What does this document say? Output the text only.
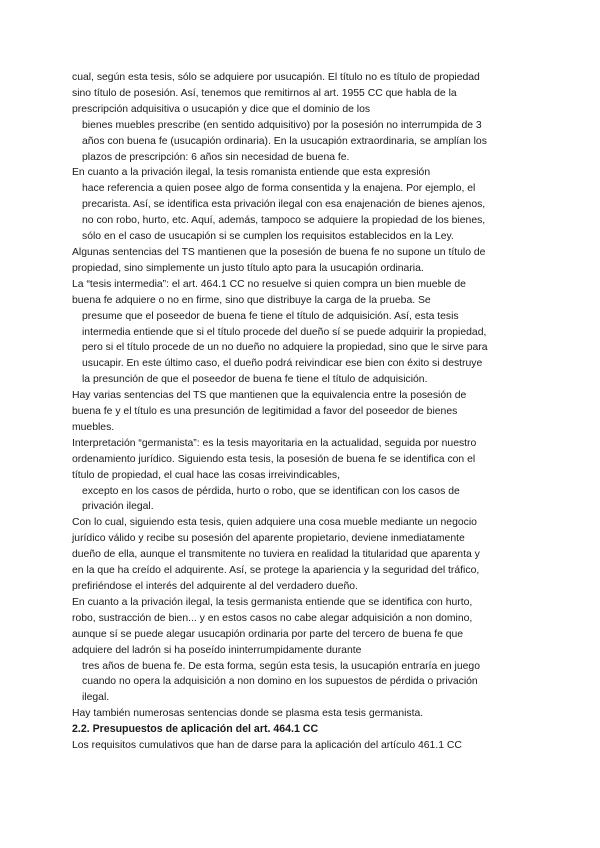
cual, según esta tesis, sólo se adquiere por usucapión. El título no es título de propiedad sino título de posesión. Así, tenemos que remitirnos al art. 1955 CC que habla de la prescripción adquisitiva o usucapión y dice que el dominio de los
bienes muebles prescribe (en sentido adquisitivo) por la posesión no interrumpida de 3 años con buena fe (usucapión ordinaria). En la usucapión extraordinaria, se amplían los plazos de prescripción: 6 años sin necesidad de buena fe.

En cuanto a la privación ilegal, la tesis romanista entiende que esta expresión
hace referencia a quien posee algo de forma consentida y la enajena. Por ejemplo, el precarista. Así, se identifica esta privación ilegal con esa enajenación de bienes ajenos, no con robo, hurto, etc. Aquí, además, tampoco se adquiere la propiedad de los bienes, sólo en el caso de usucapión si se cumplen los requisitos establecidos en la Ley.

Algunas sentencias del TS mantienen que la posesión de buena fe no supone un título de propiedad, sino simplemente un justo título apto para la usucapión ordinaria.

La “tesis intermedia”: el art. 464.1 CC no resuelve si quien compra un bien mueble de buena fe adquiere o no en firme, sino que distribuye la carga de la prueba. Se
presume que el poseedor de buena fe tiene el título de adquisición. Así, esta tesis intermedia entiende que si el título procede del dueño sí se puede adquirir la propiedad, pero si el título procede de un no dueño no adquiere la propiedad, sino que le sirve para usucapir. En este último caso, el dueño podrá reivindicar ese bien con éxito si destruye la presunción de que el poseedor de buena fe tiene el título de adquisición.

Hay varias sentencias del TS que mantienen que la equivalencia entre la posesión de buena fe y el título es una presunción de legitimidad a favor del poseedor de bienes muebles.

Interpretación “germanista”: es la tesis mayoritaria en la actualidad, seguida por nuestro ordenamiento jurídico. Siguiendo esta tesis, la posesión de buena fe se identifica con el título de propiedad, el cual hace las cosas irreivindicables,
excepto en los casos de pérdida, hurto o robo, que se identifican con los casos de privación ilegal.

Con lo cual, siguiendo esta tesis, quien adquiere una cosa mueble mediante un negocio jurídico válido y recibe su posesión del aparente propietario, deviene inmediatamente dueño de ella, aunque el transmitente no tuviera en realidad la titularidad que aparenta y en la que ha creído el adquirente. Así, se protege la apariencia y la seguridad del tráfico, prefiriéndose el interés del adquirente al del verdadero dueño.

En cuanto a la privación ilegal, la tesis germanista entiende que se identifica con hurto, robo, sustracción de bien... y en estos casos no cabe alegar adquisición a non domino, aunque sí se puede alegar usucapión ordinaria por parte del tercero de buena fe que adquiere del ladrón si ha poseído ininterrumpidamente durante
tres años de buena fe. De esta forma, según esta tesis, la usucapión entraría en juego cuando no opera la adquisición a non domino en los supuestos de pérdida o privación ilegal.

Hay también numerosas sentencias donde se plasma esta tesis germanista.

2.2. Presupuestos de aplicación del art. 464.1 CC

Los requisitos cumulativos que han de darse para la aplicación del artículo 461.1 CC
